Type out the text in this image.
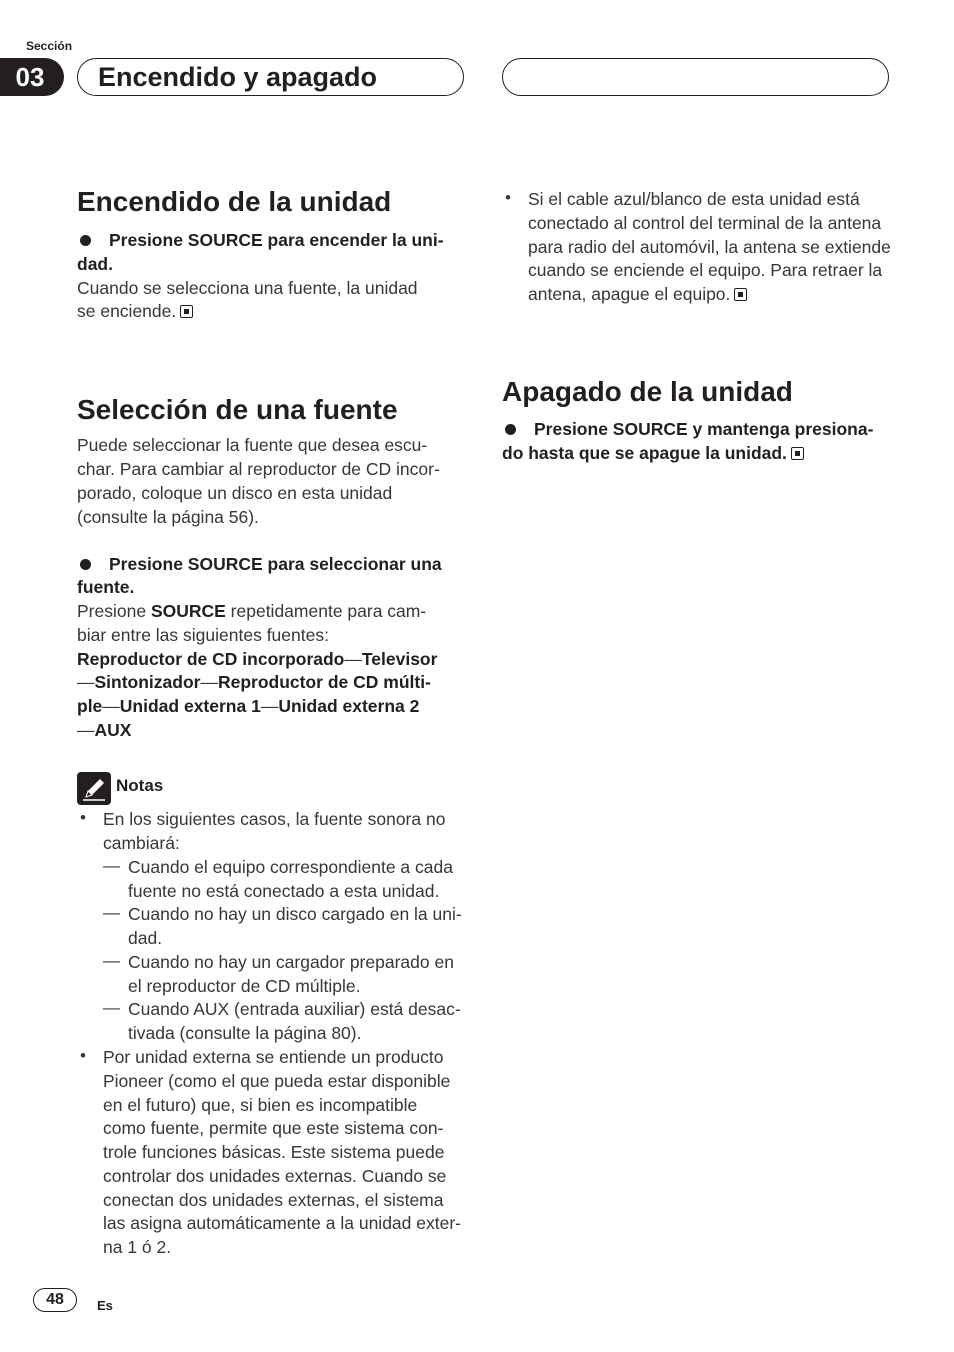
Sección
03	Encendido y apagado
Encendido de la unidad
Presione SOURCE para encender la uni-
dad.
Cuando se selecciona una fuente, la unidad
se enciende.
Selección de una fuente
Puede seleccionar la fuente que desea escu-
char. Para cambiar al reproductor de CD incor-
porado, coloque un disco en esta unidad
(consulte la página 56).
Presione SOURCE para seleccionar una
fuente.
Presione SOURCE repetidamente para cam-
biar entre las siguientes fuentes:
Reproductor de CD incorporado—Televisor
—Sintonizador—Reproductor de CD múlti-
ple—Unidad externa 1—Unidad externa 2
—AUX
Notas
• En los siguientes casos, la fuente sonora no
cambiará:
— Cuando el equipo correspondiente a cada
fuente no está conectado a esta unidad.
— Cuando no hay un disco cargado en la uni-
dad.
— Cuando no hay un cargador preparado en
el reproductor de CD múltiple.
— Cuando AUX (entrada auxiliar) está desac-
tivada (consulte la página 80).
• Por unidad externa se entiende un producto
Pioneer (como el que pueda estar disponible
en el futuro) que, si bien es incompatible
como fuente, permite que este sistema con-
trole funciones básicas. Este sistema puede
controlar dos unidades externas. Cuando se
conectan dos unidades externas, el sistema
las asigna automáticamente a la unidad exter-
na 1 ó 2.
• Si el cable azul/blanco de esta unidad está
conectado al control del terminal de la antena
para radio del automóvil, la antena se extiende
cuando se enciende el equipo. Para retraer la
antena, apague el equipo.
Apagado de la unidad
Presione SOURCE y mantenga presiona-
do hasta que se apague la unidad.
48	Es
